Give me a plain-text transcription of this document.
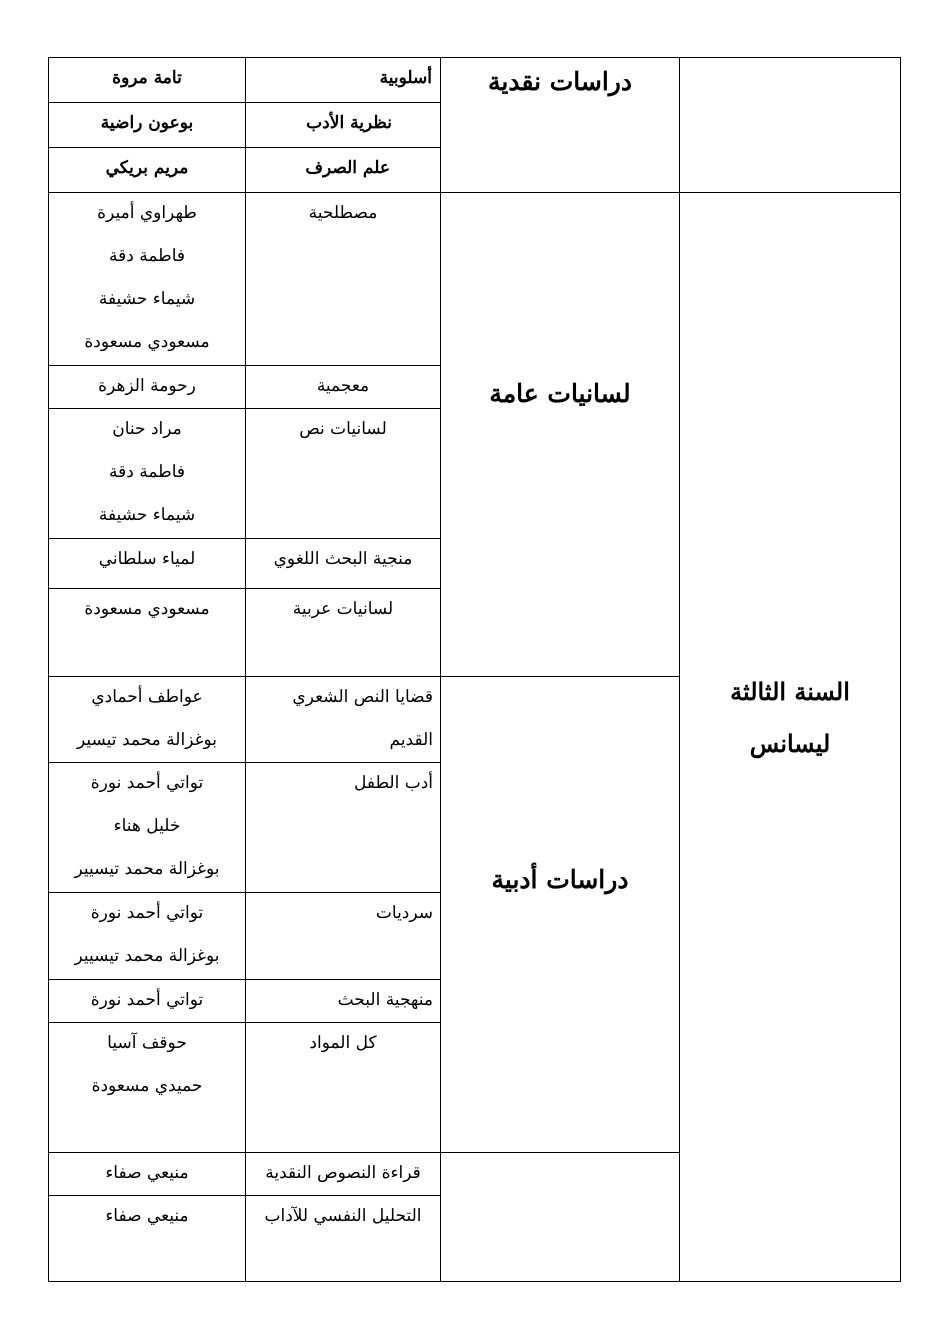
السنة الثالثة
ليسانس
دراسات نقدية
لسانيات عامة
دراسات أدبية
أسلوبية
تامة مروة
نظرية الأدب
بوعون راضية
علم الصرف
مريم بريكي
مصطلحية
طهراوي أميرة
فاطمة دقة
شيماء حشيفة
مسعودي مسعودة
معجمية
رحومة الزهرة
لسانيات نص
مراد حنان
فاطمة دقة
شيماء حشيفة
منجية البحث اللغوي
لمياء سلطاني
لسانيات عربية
مسعودي مسعودة
قضايا النص الشعري
القديم
عواطف أحمادي
بوغزالة محمد تيسير
أدب الطفل
تواتي أحمد نورة
خليل هناء
بوغزالة محمد تيسيير
سرديات
تواتي أحمد نورة
بوغزالة محمد تيسيير
منهجية البحث
تواتي أحمد نورة
كل المواد
حوقف آسيا
حميدي مسعودة
قراءة النصوص النقدية
منيعي صفاء
التحليل النفسي للآداب
منيعي صفاء
